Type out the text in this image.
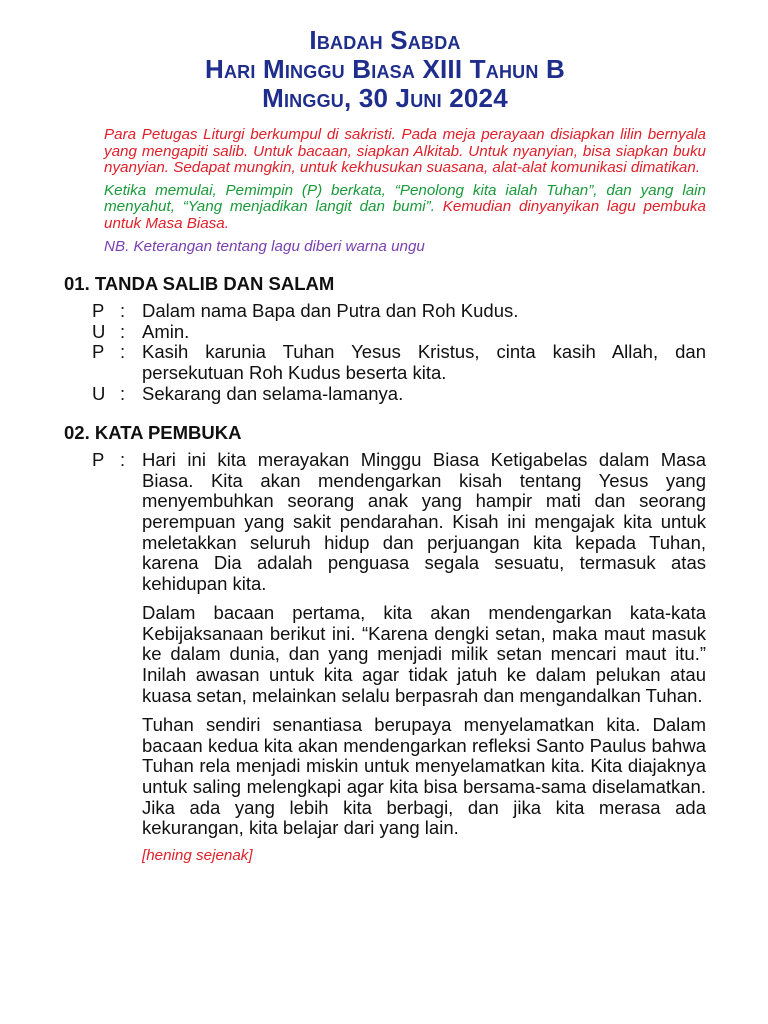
Ibadah Sabda
Hari Minggu Biasa XIII Tahun B
Minggu, 30 Juni 2024
Para Petugas Liturgi berkumpul di sakristi. Pada meja perayaan disiapkan lilin bernyala yang mengapiti salib. Untuk bacaan, siapkan Alkitab. Untuk nyanyian, bisa siapkan buku nyanyian. Sedapat mungkin, untuk kekhusukan suasana, alat-alat komunikasi dimatikan.
Ketika memulai, Pemimpin (P) berkata, “Penolong kita ialah Tuhan”, dan yang lain menyahut, “Yang menjadikan langit dan bumi”. Kemudian dinyanyikan lagu pembuka untuk Masa Biasa.
NB. Keterangan tentang lagu diberi warna ungu
01. TANDA SALIB DAN SALAM
P : Dalam nama Bapa dan Putra dan Roh Kudus.
U : Amin.
P : Kasih karunia Tuhan Yesus Kristus, cinta kasih Allah, dan persekutuan Roh Kudus beserta kita.
U : Sekarang dan selama-lamanya.
02. KATA PEMBUKA
P : Hari ini kita merayakan Minggu Biasa Ketigabelas dalam Masa Biasa. Kita akan mendengarkan kisah tentang Yesus yang menyembuhkan seorang anak yang hampir mati dan seorang perempuan yang sakit pendarahan. Kisah ini mengajak kita untuk meletakkan seluruh hidup dan perjuangan kita kepada Tuhan, karena Dia adalah penguasa segala sesuatu, termasuk atas kehidupan kita.
Dalam bacaan pertama, kita akan mendengarkan kata-kata Kebijaksanaan berikut ini. “Karena dengki setan, maka maut masuk ke dalam dunia, dan yang menjadi milik setan mencari maut itu.” Inilah awasan untuk kita agar tidak jatuh ke dalam pelukan atau kuasa setan, melainkan selalu berpasrah dan mengandalkan Tuhan.
Tuhan sendiri senantiasa berupaya menyelamatkan kita. Dalam bacaan kedua kita akan mendengarkan refleksi Santo Paulus bahwa Tuhan rela menjadi miskin untuk menyelamatkan kita. Kita diajaknya untuk saling melengkapi agar kita bisa bersama-sama diselamatkan. Jika ada yang lebih kita berbagi, dan jika kita merasa ada kekurangan, kita belajar dari yang lain.
[hening sejenak]
